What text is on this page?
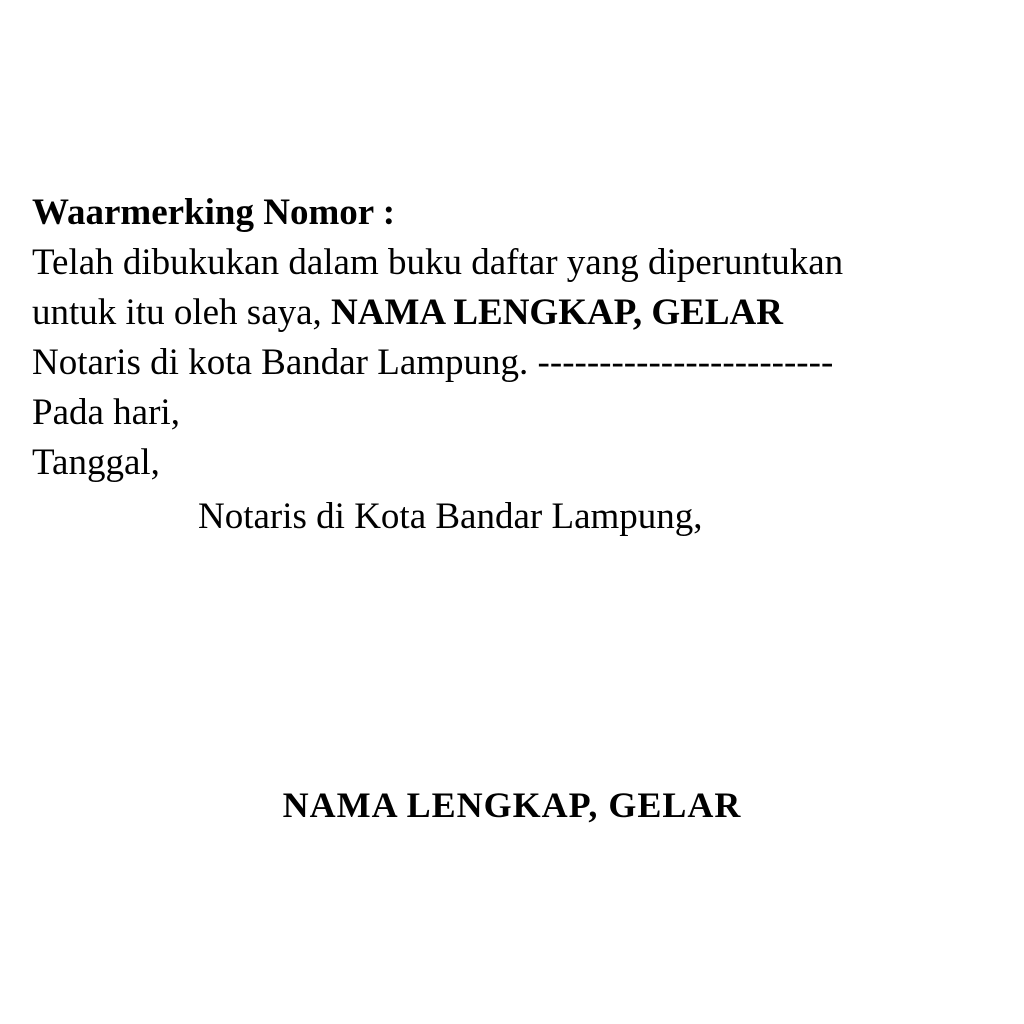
Waarmerking Nomor :
Telah dibukukan dalam buku daftar yang diperuntukan
untuk itu oleh saya, NAMA LENGKAP, GELAR
Notaris di kota Bandar Lampung. ------------------------
Pada hari,
Tanggal,
Notaris di Kota Bandar Lampung,
NAMA LENGKAP, GELAR
